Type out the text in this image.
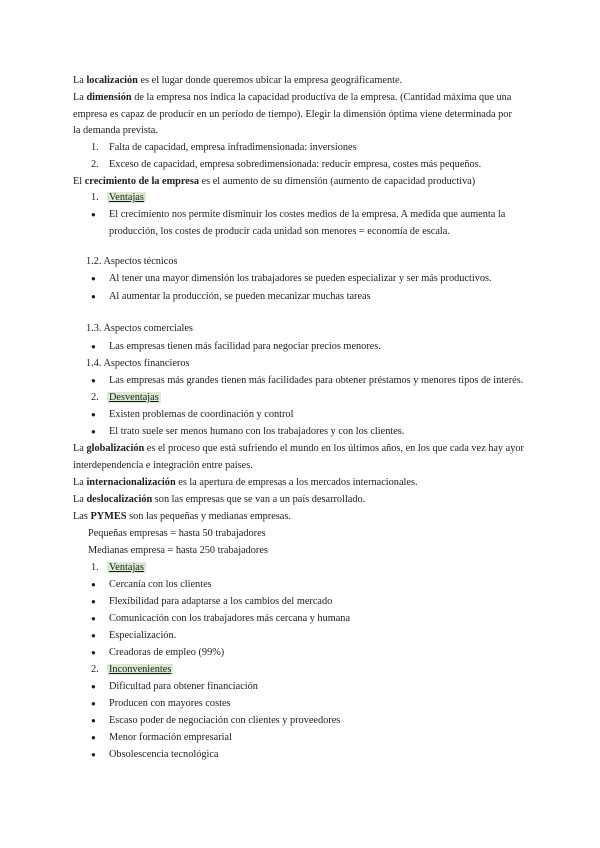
La localización es el lugar donde queremos ubicar la empresa geográficamente.
La dimensión de la empresa nos indica la capacidad productiva de la empresa. (Cantidad máxima que una
empresa es capaz de producir en un período de tiempo). Elegir la dimensión óptima viene determinada por
la demanda prevista.
1. Falta de capacidad, empresa infradimensionada: inversiones
2. Exceso de capacidad, empresa sobredimensionada: reducir empresa, costes más pequeños.
El crecimiento de la empresa es el aumento de su dimensión (aumento de capacidad productiva)
1. Ventajas
● El crecimiento nos permite disminuir los costes medios de la empresa. A medida que aumenta la
producción, los costes de producir cada unidad son menores = economía de escala.
1.2. Aspectos técnicos
● Al tener una mayor dimensión los trabajadores se pueden especializar y ser más productivos.
● Al aumentar la producción, se pueden mecanizar muchas tareas
1.3. Aspectos comerciales
● Las empresas tienen más facilidad para negociar precios menores.
1.4. Aspectos financieros
● Las empresas más grandes tienen más facilidades para obtener préstamos y menores tipos de interés.
2. Desventajas
● Existen problemas de coordinación y control
● El trato suele ser menos humano con los trabajadores y con los clientes.
La globalización es el proceso que está sufriendo el mundo en los últimos años, en los que cada vez hay ayor
interdependencia e integración entre países.
La internacionalización es la apertura de empresas a los mercados internacionales.
La deslocalización son las empresas que se van a un país desarrollado.
Las PYMES son las pequeñas y medianas empresas.
Pequeñas empresas = hasta 50 trabajadores
Medianas empresa = hasta 250 trabajadores
1. Ventajas
● Cercanía con los clientes
● Flexibilidad para adaptarse a los cambios del mercado
● Comunicación con los trabajadores más cercana y humana
● Especialización.
● Creadoras de empleo (99%)
2. Inconvenientes
● Dificultad para obtener financiación
● Producen con mayores costes
● Escaso poder de negociación con clientes y proveedores
● Menor formación empresarial
● Obsolescencia tecnológica
